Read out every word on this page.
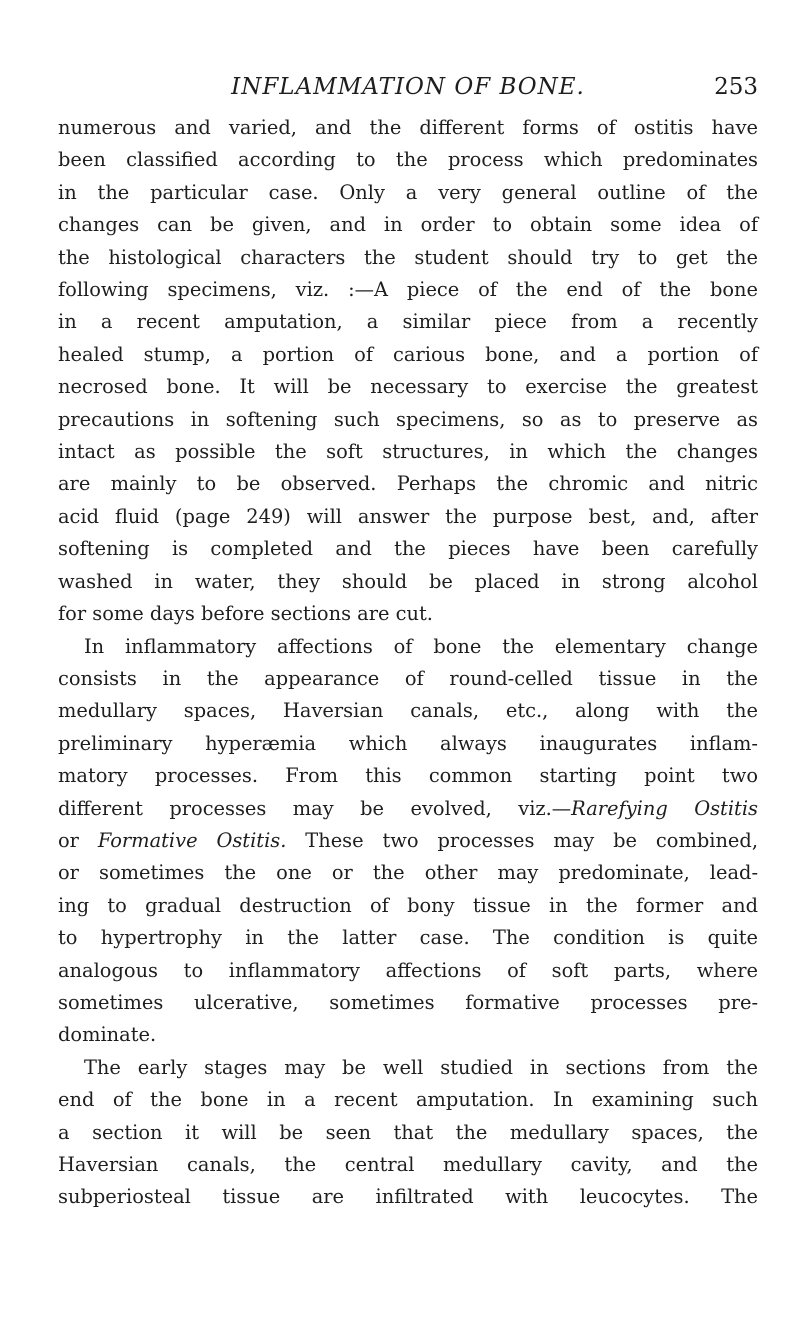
INFLAMMATION OF BONE.	253
numerous and varied, and the different forms of ostitis have
been classified according to the process which predominates
in the particular case. Only a very general outline of the
changes can be given, and in order to obtain some idea of
the histological characters the student should try to get the
following specimens, viz. :—A piece of the end of the bone
in a recent amputation, a similar piece from a recently
healed stump, a portion of carious bone, and a portion of
necrosed bone. It will be necessary to exercise the greatest
precautions in softening such specimens, so as to preserve as
intact as possible the soft structures, in which the changes
are mainly to be observed. Perhaps the chromic and nitric
acid fluid (page 249) will answer the purpose best, and, after
softening is completed and the pieces have been carefully
washed in water, they should be placed in strong alcohol
for some days before sections are cut.
In inflammatory affections of bone the elementary change
consists in the appearance of round-celled tissue in the
medullary spaces, Haversian canals, etc., along with the
preliminary hyperæmia which always inaugurates inflam-
matory processes. From this common starting point two
different processes may be evolved, viz.—Rarefying Ostitis
or Formative Ostitis. These two processes may be combined,
or sometimes the one or the other may predominate, lead-
ing to gradual destruction of bony tissue in the former and
to hypertrophy in the latter case. The condition is quite
analogous to inflammatory affections of soft parts, where
sometimes ulcerative, sometimes formative processes pre-
dominate.
The early stages may be well studied in sections from the
end of the bone in a recent amputation. In examining such
a section it will be seen that the medullary spaces, the
Haversian canals, the central medullary cavity, and the
subperiosteal tissue are infiltrated with leucocytes. The
